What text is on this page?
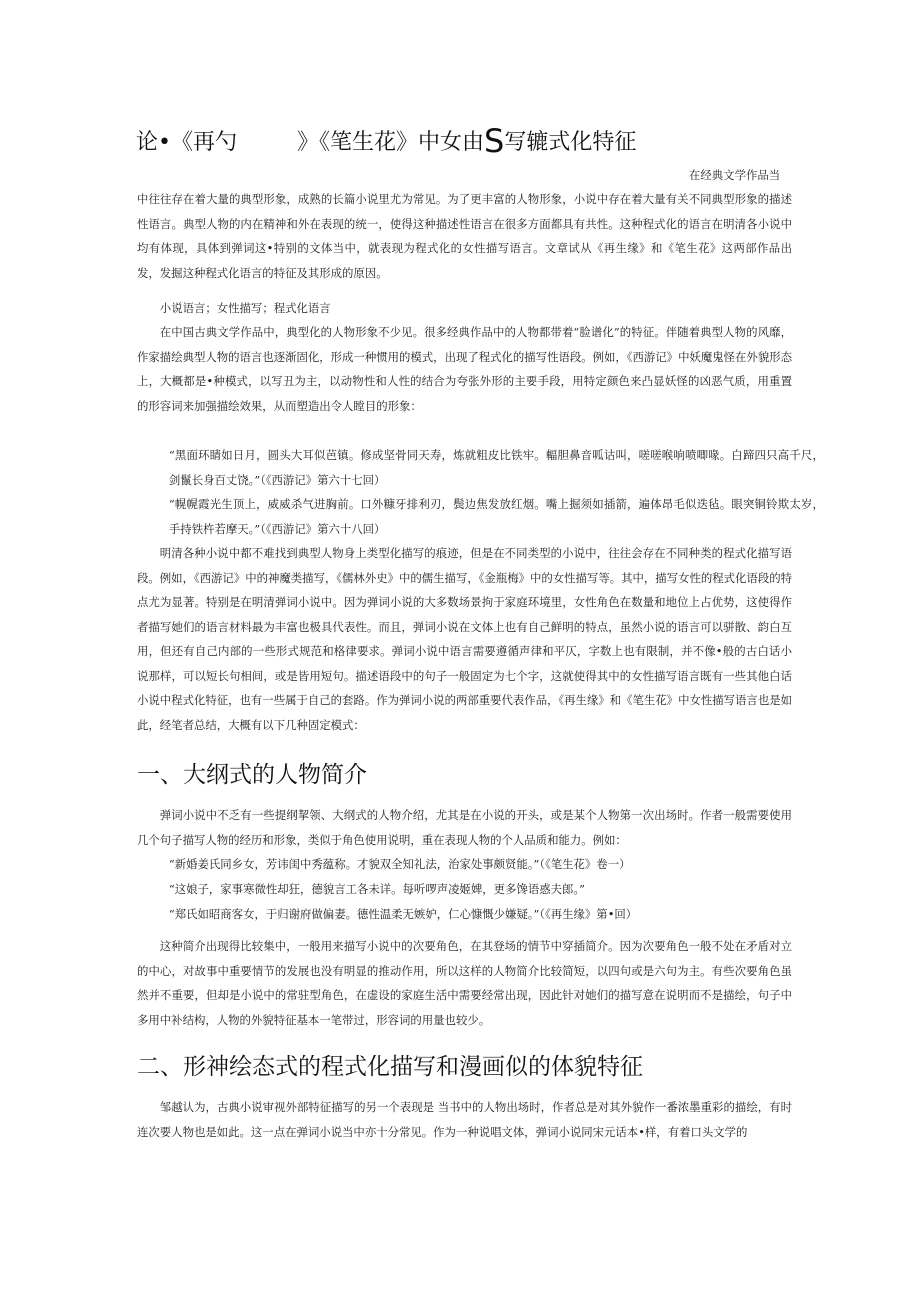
论•《再勺	》《笔生花》中女由S写辘式化特征

在经典文学作品当

中往往存在着大量的典型形象，成熟的长篇小说里尤为常见。为了更丰富的人物形象，小说中存在着大量有关不同典型形象的描述性语言。典型人物的内在精神和外在表现的统一，使得这种描述性语言在很多方面都具有共性。这种程式化的语言在明清各小说中均有体现，具体到弹词这•特别的文体当中，就表现为程式化的女性描写语言。文章试从《再生缘》和《笔生花》这两部作品出发，发掘这种程式化语言的特征及其形成的原因。

小说语言；女性描写；程式化语言

在中国古典文学作品中，典型化的人物形象不少见。很多经典作品中的人物都带着“脸谱化”的特征。伴随着典型人物的风靡，作家描绘典型人物的语言也逐渐固化，形成一种惯用的模式，出现了程式化的描写性语段。例如，《西游记》中妖魔鬼怪在外貌形态上，大概都是•种模式，以写丑为主，以动物性和人性的结合为夸张外形的主要手段，用特定颜色来凸显妖怪的凶恶气质，用重置的形容词来加强描绘效果，从而塑造出令人瞠目的形象：

“黑面环睛如日月，圆头大耳似芭镇。修成坚骨同天寿，炼就粗皮比铁牢。輻胆鼻音呱诂叫，嗟嗟喉响喷唧喙。白蹄四只高千尺，剑鬣长身百丈饶。”（《西游记》第六十七回）

“幌幌霞光生顶上，威威杀气进胸前。口外糠牙排利刃，鬓边焦发放红烟。嘴上掘须如插箭，遍体昂毛似迭毡。眼突铜铃欺太岁，手持铁杵若摩天。”（《西游记》第六十八回）

明清各种小说中都不难找到典型人物身上类型化描写的痕迹，但是在不同类型的小说中，往往会存在不同种类的程式化描写语段。例如，《西游记》中的神魔类描写，《儒林外史》中的儒生描写，《金瓶梅》中的女性描写等。其中，描写女性的程式化语段的特点尤为显著。特别是在明清弹词小说中。因为弹词小说的大多数场景拘于家庭环境里，女性角色在数量和地位上占优势，这使得作者描写她们的语言材料最为丰富也极具代表性。而且，弹词小说在文体上也有自己鲜明的特点，虽然小说的语言可以骈散、韵白互用，但还有自己内部的一些形式规范和格律要求。弹词小说中语言需要遵循声律和平仄，字数上也有限制，并不像•般的古白话小说那样，可以短长句相间，或是皆用短句。描述语段中的句子一般固定为七个字，这就使得其中的女性描写语言既有一些其他白话小说中程式化特征，也有一些属于自己的套路。作为弹词小说的两部重要代表作品，《再生缘》和《笔生花》中女性描写语言也是如此，经笔者总结，大概有以下几种固定模式：

一、大纲式的人物简介

弹词小说中不乏有一些提纲挈领、大纲式的人物介绍，尤其是在小说的开头，或是某个人物第一次出场时。作者一般需要使用几个句子描写人物的经历和形象，类似于角色使用说明，重在表现人物的个人品质和能力。例如：

“新婚姜氏同乡女，芳讳闺中秀蕴称。才貌双全知礼法，治家处事颇贤能。”（《笔生花》卷一）

“这娘子，家事寒微性却狂，德貌言工各未详。每听啰声凌姬婢，更多馋语惑夫郎。”

“郑氏如昭商客女，于归谢府做偏妻。德性温柔无嫉妒，仁心慷慨少嫌疑。”（《再生缘》第•回）

这种简介出现得比较集中，一般用来描写小说中的次要角色，在其登场的情节中穿插简介。因为次要角色一般不处在矛盾对立的中心，对故事中重要情节的发展也没有明显的推动作用，所以这样的人物简介比较简短，以四句或是六句为主。有些次要角色虽然并不重要，但却是小说中的常驻型角色，在虚设的家庭生活中需要经常出现，因此针对她们的描写意在说明而不是描绘，句子中多用中补结构，人物的外貌特征基本一笔带过，形容词的用量也较少。

二、形神绘态式的程式化描写和漫画似的体貌特征

邹越认为，古典小说审视外部特征描写的另一个表现是 当书中的人物出场时，作者总是对其外貌作一番浓墨重彩的描绘，有时连次要人物也是如此。这一点在弹词小说当中亦十分常见。作为一种说唱文体，弹词小说同宋元话本•样，有着口头文学的
